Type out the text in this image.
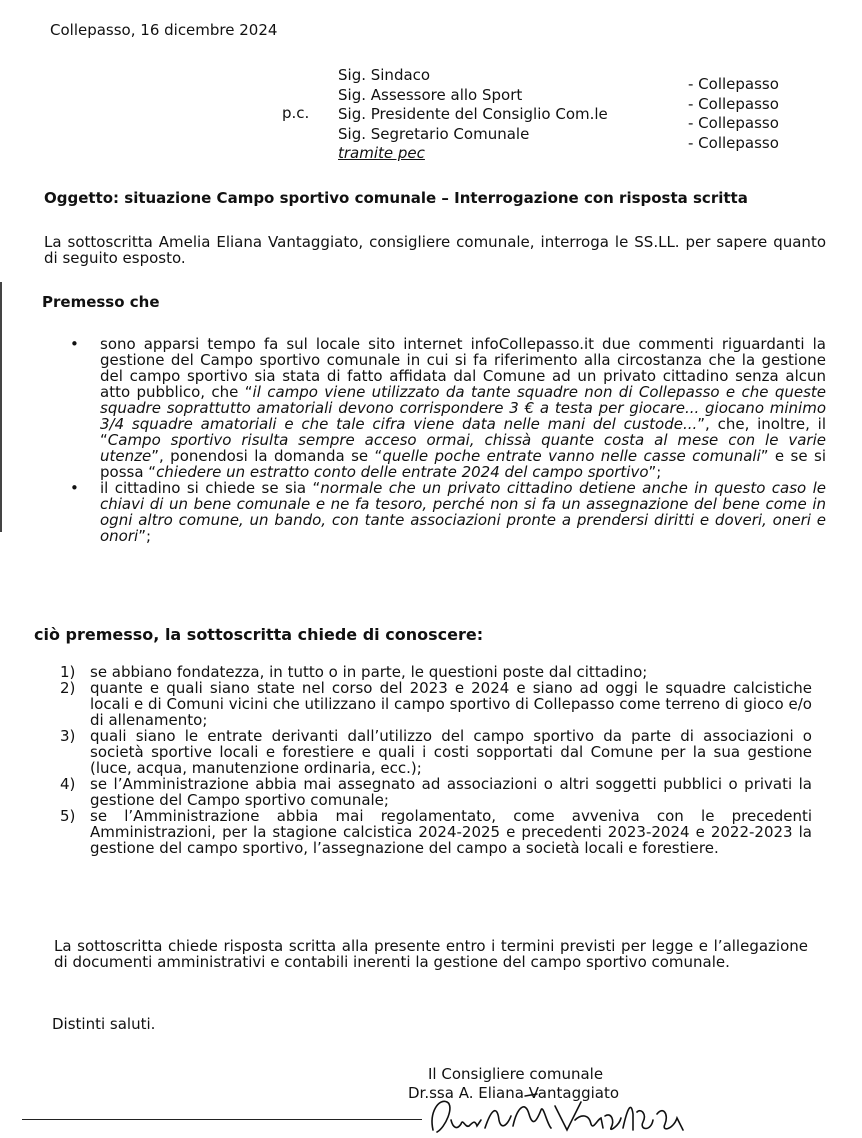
Collepasso, 16 dicembre 2024
p.c.
Sig. Sindaco
Sig. Assessore allo Sport
Sig. Presidente del Consiglio Com.le
Sig. Segretario Comunale
tramite pec
- Collepasso
- Collepasso
- Collepasso
- Collepasso
Oggetto: situazione Campo sportivo comunale – Interrogazione con risposta scritta
La sottoscritta Amelia Eliana Vantaggiato, consigliere comunale, interroga le SS.LL. per sapere quanto di seguito esposto.
Premesso che
• sono apparsi tempo fa sul locale sito internet infoCollepasso.it due commenti riguardanti la gestione del Campo sportivo comunale in cui si fa riferimento alla circostanza che la gestione del campo sportivo sia stata di fatto affidata dal Comune ad un privato cittadino senza alcun atto pubblico, che “il campo viene utilizzato da tante squadre non di Collepasso e che queste squadre soprattutto amatoriali devono corrispondere 3 € a testa per giocare... giocano minimo 3/4 squadre amatoriali e che tale cifra viene data nelle mani del custode...”, che, inoltre, il “Campo sportivo risulta sempre acceso ormai, chissà quante costa al mese con le varie utenze”, ponendosi la domanda se “quelle poche entrate vanno nelle casse comunali” e se si possa “chiedere un estratto conto delle entrate 2024 del campo sportivo”;
• il cittadino si chiede se sia “normale che un privato cittadino detiene anche in questo caso le chiavi di un bene comunale e ne fa tesoro, perché non si fa un assegnazione del bene come in ogni altro comune, un bando, con tante associazioni pronte a prendersi diritti e doveri, oneri e onori”;
ciò premesso, la sottoscritta chiede di conoscere:
1) se abbiano fondatezza, in tutto o in parte, le questioni poste dal cittadino;
2) quante e quali siano state nel corso del 2023 e 2024 e siano ad oggi le squadre calcistiche locali e di Comuni vicini che utilizzano il campo sportivo di Collepasso come terreno di gioco e/o di allenamento;
3) quali siano le entrate derivanti dall’utilizzo del campo sportivo da parte di associazioni o società sportive locali e forestiere e quali i costi sopportati dal Comune per la sua gestione (luce, acqua, manutenzione ordinaria, ecc.);
4) se l’Amministrazione abbia mai assegnato ad associazioni o altri soggetti pubblici o privati la gestione del Campo sportivo comunale;
5) se l’Amministrazione abbia mai regolamentato, come avveniva con le precedenti Amministrazioni, per la stagione calcistica 2024-2025 e precedenti 2023-2024 e 2022-2023 la gestione del campo sportivo, l’assegnazione del campo a società locali e forestiere.
La sottoscritta chiede risposta scritta alla presente entro i termini previsti per legge e l’allegazione di documenti amministrativi e contabili inerenti la gestione del campo sportivo comunale.
Distinti saluti.
Il Consigliere comunale
Dr.ssa A. Eliana Vantaggiato
